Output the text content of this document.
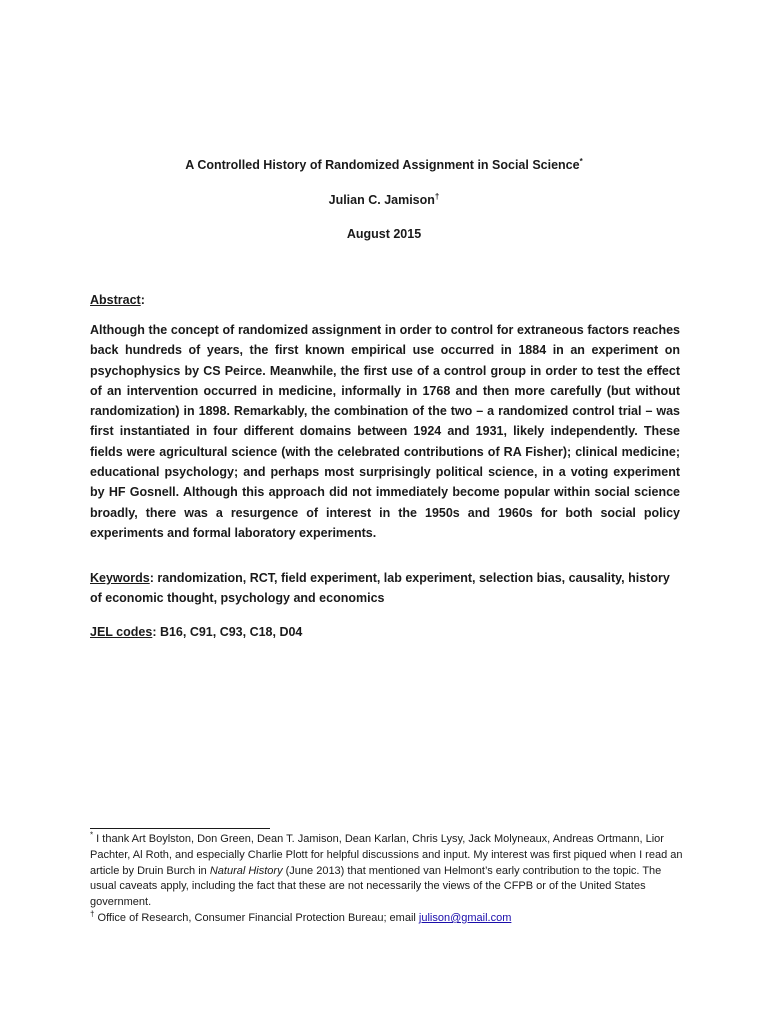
A Controlled History of Randomized Assignment in Social Science*
Julian C. Jamison†
August 2015
Abstract:
Although the concept of randomized assignment in order to control for extraneous factors reaches back hundreds of years, the first known empirical use occurred in 1884 in an experiment on psychophysics by CS Peirce. Meanwhile, the first use of a control group in order to test the effect of an intervention occurred in medicine, informally in 1768 and then more carefully (but without randomization) in 1898. Remarkably, the combination of the two – a randomized control trial – was first instantiated in four different domains between 1924 and 1931, likely independently. These fields were agricultural science (with the celebrated contributions of RA Fisher); clinical medicine; educational psychology; and perhaps most surprisingly political science, in a voting experiment by HF Gosnell. Although this approach did not immediately become popular within social science broadly, there was a resurgence of interest in the 1950s and 1960s for both social policy experiments and formal laboratory experiments.
Keywords: randomization, RCT, field experiment, lab experiment, selection bias, causality, history of economic thought, psychology and economics
JEL codes: B16, C91, C93, C18, D04

* I thank Art Boylston, Don Green, Dean T. Jamison, Dean Karlan, Chris Lysy, Jack Molyneaux, Andreas Ortmann, Lior Pachter, Al Roth, and especially Charlie Plott for helpful discussions and input. My interest was first piqued when I read an article by Druin Burch in Natural History (June 2013) that mentioned van Helmont’s early contribution to the topic. The usual caveats apply, including the fact that these are not necessarily the views of the CFPB or of the United States government.

† Office of Research, Consumer Financial Protection Bureau; email julison@gmail.com
